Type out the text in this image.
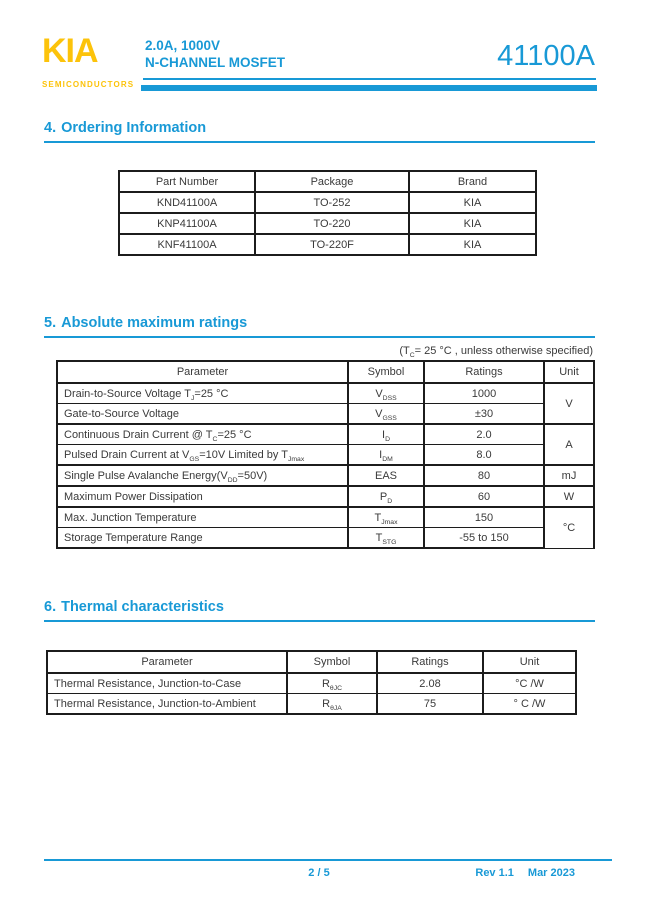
KIA
SEMICONDUCTORS
2.0A, 1000V
N-CHANNEL MOSFET	41100A
4. Ordering Information
Part Number	Package	Brand
KND41100A	TO-252	KIA
KNP41100A	TO-220	KIA
KNF41100A	TO-220F	KIA
5. Absolute maximum ratings
($T_C= 25$ °C , unless otherwise specified)
Parameter	Symbol	Ratings	Unit
Drain-to-Source Voltage $T_J=25$ °C	$V_{DSS}$	1000	V
Gate-to-Source Voltage	$V_{GSS}$	±30	
Continuous Drain Current @ $T_C=25$ °C	$I_D$	2.0	A
Pulsed Drain Current at $V_{GS}=10V$ Limited by $T_{Jmax}$	$I_{DM}$	8.0	
Single Pulse Avalanche $Energy(V_{DD}=50V)$	EAS	80	mJ
Maximum Power Dissipation	$P_D$	60	W
Max. Junction Temperature	$T_{Jmax}$	150	°C
Storage Temperature Range	$T_{STG}$	-55 to 150	
6. Thermal characteristics
Parameter	Symbol	Ratings	Unit
Thermal Resistance, Junction-to-Case	$R_{\theta JC}$	2.08	°C /W
Thermal Resistance, Junction-to-Ambient	$R_{\theta JA}$	75	° C /W
2 / 5	Rev 1.1 Mar 2023
